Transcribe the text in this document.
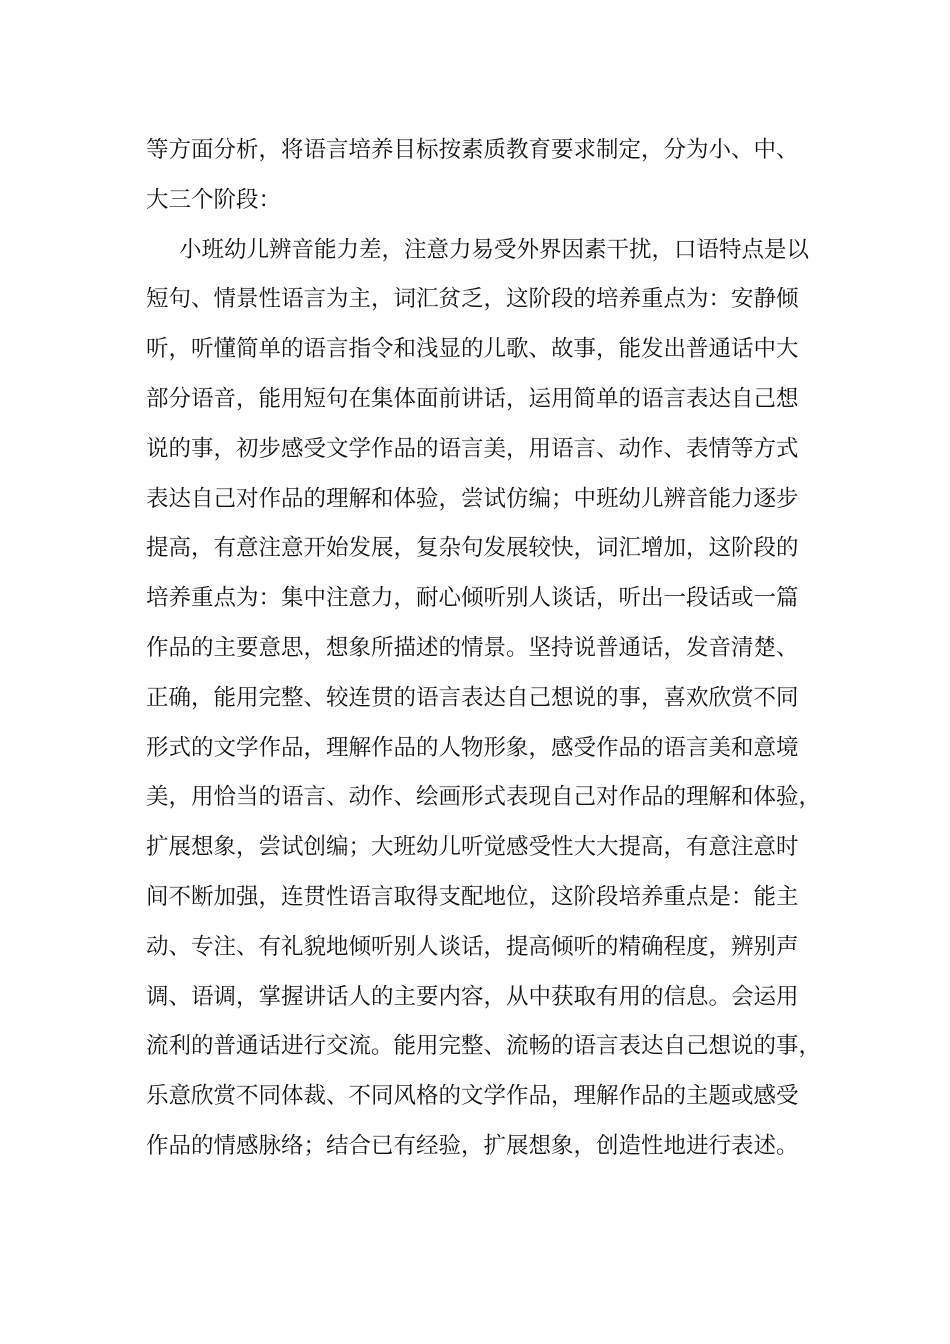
等方面分析，将语言培养目标按素质教育要求制定，分为小、中、
大三个阶段：
小班幼儿辨音能力差，注意力易受外界因素干扰，口语特点是以
短句、情景性语言为主，词汇贫乏，这阶段的培养重点为：安静倾
听，听懂简单的语言指令和浅显的儿歌、故事，能发出普通话中大
部分语音，能用短句在集体面前讲话，运用简单的语言表达自己想
说的事，初步感受文学作品的语言美，用语言、动作、表情等方式
表达自己对作品的理解和体验，尝试仿编；中班幼儿辨音能力逐步
提高，有意注意开始发展，复杂句发展较快，词汇增加，这阶段的
培养重点为：集中注意力，耐心倾听别人谈话，听出一段话或一篇
作品的主要意思，想象所描述的情景。坚持说普通话，发音清楚、
正确，能用完整、较连贯的语言表达自己想说的事，喜欢欣赏不同
形式的文学作品，理解作品的人物形象，感受作品的语言美和意境
美，用恰当的语言、动作、绘画形式表现自己对作品的理解和体验，
扩展想象，尝试创编；大班幼儿听觉感受性大大提高，有意注意时
间不断加强，连贯性语言取得支配地位，这阶段培养重点是：能主
动、专注、有礼貌地倾听别人谈话，提高倾听的精确程度，辨别声
调、语调，掌握讲话人的主要内容，从中获取有用的信息。会运用
流利的普通话进行交流。能用完整、流畅的语言表达自己想说的事，
乐意欣赏不同体裁、不同风格的文学作品，理解作品的主题或感受
作品的情感脉络；结合已有经验，扩展想象，创造性地进行表述。
